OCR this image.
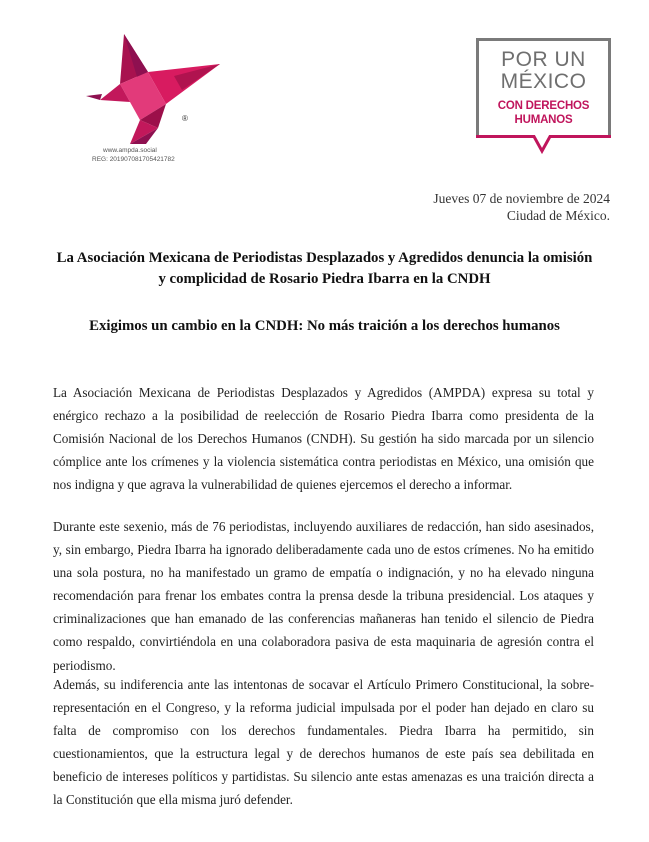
®
www.ampda.social
REG: 201907081705421782
POR UN
MÉXICO
CON DERECHOS
HUMANOS
Jueves 07 de noviembre de 2024
Ciudad de México.
La Asociación Mexicana de Periodistas Desplazados y Agredidos denuncia la omisión
y complicidad de Rosario Piedra Ibarra en la CNDH
Exigimos un cambio en la CNDH: No más traición a los derechos humanos
La Asociación Mexicana de Periodistas Desplazados y Agredidos (AMPDA) expresa su total y enérgico rechazo a la posibilidad de reelección de Rosario Piedra Ibarra como presidenta de la Comisión Nacional de los Derechos Humanos (CNDH). Su gestión ha sido marcada por un silencio cómplice ante los crímenes y la violencia sistemática contra periodistas en México, una omisión que nos indigna y que agrava la vulnerabilidad de quienes ejercemos el derecho a informar.
Durante este sexenio, más de 76 periodistas, incluyendo auxiliares de redacción, han sido asesinados, y, sin embargo, Piedra Ibarra ha ignorado deliberadamente cada uno de estos crímenes. No ha emitido una sola postura, no ha manifestado un gramo de empatía o indignación, y no ha elevado ninguna recomendación para frenar los embates contra la prensa desde la tribuna presidencial. Los ataques y criminalizaciones que han emanado de las conferencias mañaneras han tenido el silencio de Piedra como respaldo, convirtiéndola en una colaboradora pasiva de esta maquinaria de agresión contra el periodismo.
Además, su indiferencia ante las intentonas de socavar el Artículo Primero Constitucional, la sobre-representación en el Congreso, y la reforma judicial impulsada por el poder han dejado en claro su falta de compromiso con los derechos fundamentales. Piedra Ibarra ha permitido, sin cuestionamientos, que la estructura legal y de derechos humanos de este país sea debilitada en beneficio de intereses políticos y partidistas. Su silencio ante estas amenazas es una traición directa a la Constitución que ella misma juró defender.
